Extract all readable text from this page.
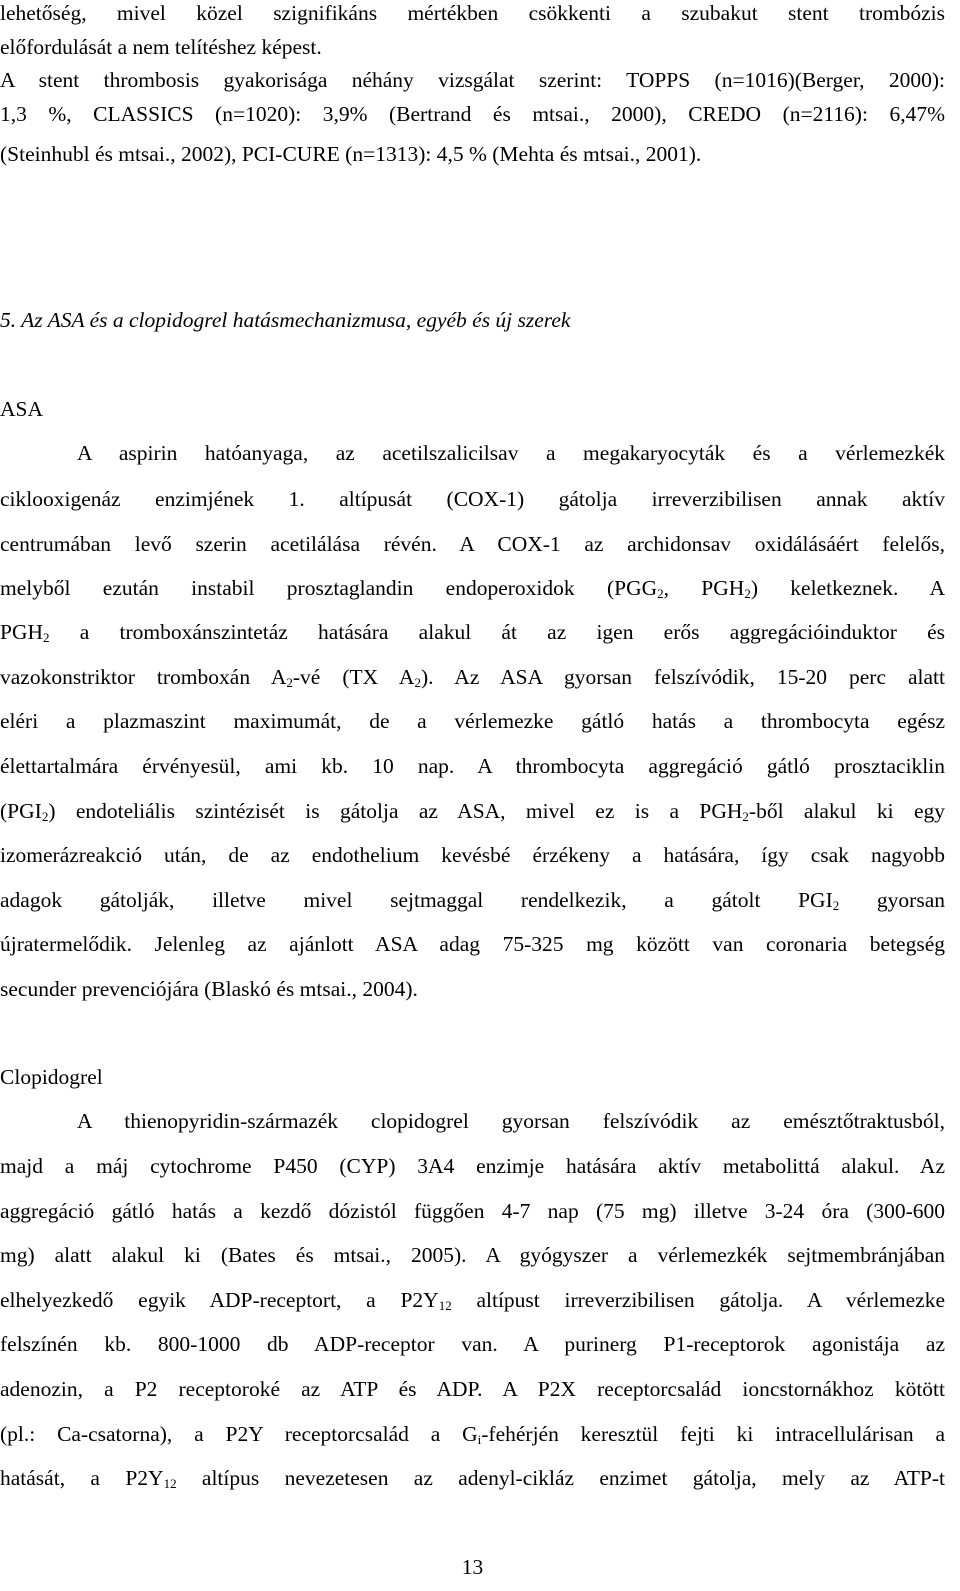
lehetőség, mivel közel szignifikáns mértékben csökkenti a szubakut stent trombózis

előfordulását a nem telítéshez képest.

A stent thrombosis gyakorisága néhány vizsgálat szerint: TOPPS (n=1016)(Berger, 2000):

1,3 %, CLASSICS (n=1020): 3,9% (Bertrand és mtsai., 2000), CREDO (n=2116): 6,47%

(Steinhubl és mtsai., 2002), PCI-CURE (n=1313): 4,5 % (Mehta és mtsai., 2001).

5. Az ASA és a clopidogrel hatásmechanizmusa, egyéb és új szerek

ASA

A aspirin hatóanyaga, az acetilszalicilsav a megakaryocyták és a vérlemezkék

ciklooxigenáz enzimjének 1. altípusát (COX-1) gátolja irreverzibilisen annak aktív

centrumában levő szerin acetilálása révén. A COX-1 az archidonsav oxidálásáért felelős,

melyből ezután instabil prosztaglandin endoperoxidok ($PGG_2$, $PGH_2$) keletkeznek. A

$PGH_2$ a tromboxánszintetáz hatására alakul át az igen erős aggregációinduktor és

vazokonstriktor tromboxán $A_2-vé$ (TX $A_2$). Az ASA gyorsan felszívódik, 15-20 perc alatt

eléri a plazmaszint maximumát, de a vérlemezke gátló hatás a thrombocyta egész

élettartalmára érvényesül, ami kb. 10 nap. A thrombocyta aggregáció gátló prosztaciklin

$(PGI_2)$ endoteliális szintézisét is gátolja az ASA, mivel ez is a $PGH_2$-ből alakul ki egy

izomerázreakció után, de az endothelium kevésbé érzékeny a hatására, így csak nagyobb

adagok gátolják, illetve mivel sejtmaggal rendelkezik, a gátolt $PGI_2$ gyorsan

újratermelődik. Jelenleg az ajánlott ASA adag 75-325 mg között van coronaria betegség

secunder prevenciójára (Blaskó és mtsai., 2004).

Clopidogrel

A thienopyridin-származék clopidogrel gyorsan felszívódik az emésztőtraktusból,

majd a máj cytochrome P450 (CYP) 3A4 enzimje hatására aktív metabolittá alakul. Az

aggregáció gátló hatás a kezdő dózistól függően 4-7 nap (75 mg) illetve 3-24 óra (300-600

mg) alatt alakul ki (Bates és mtsai., 2005). A gyógyszer a vérlemezkék sejtmembránjában

elhelyezkedő egyik ADP-receptort, a $P2Y_{12}$ altípust irreverzibilisen gátolja. A vérlemezke

felszínén kb. 800-1000 db ADP-receptor van. A purinerg P1-receptorok agonistája az

adenozin, a P2 receptoroké az ATP és ADP. A P2X receptorcsalád ioncstornákhoz kötött

(pl.: Ca-csatorna), a P2Y receptorcsalád a $G_i$-fehérjén keresztül fejti ki intracellulárisan a

hatását, a $P2Y_{12}$ altípus nevezetesen az adenyl-cikláz enzimet gátolja, mely az ATP-t

13
